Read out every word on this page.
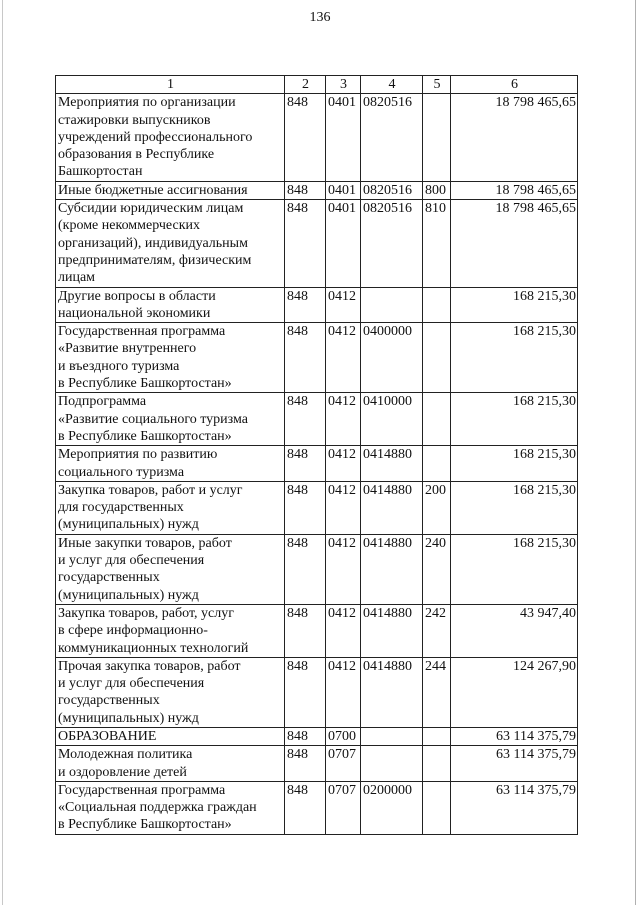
136
1	2	3	4	5	6

Мероприятия по организации
стажировки выпускников
учреждений профессионального
образования в Республике
Башкортостан	848	0401	0820516		18 798 465,65

Иные бюджетные ассигнования	848	0401	0820516	800	18 798 465,65

Субсидии юридическим лицам
(кроме некоммерческих
организаций), индивидуальным
предпринимателям, физическим
лицам	848	0401	0820516	810	18 798 465,65

Другие вопросы в области
национальной экономики	848	0412			168 215,30

Государственная программа
«Развитие внутреннего
и въездного туризма
в Республике Башкортостан»	848	0412	0400000		168 215,30

Подпрограмма
«Развитие социального туризма
в Республике Башкортостан»	848	0412	0410000		168 215,30

Мероприятия по развитию
социального туризма	848	0412	0414880		168 215,30

Закупка товаров, работ и услуг
для государственных
(муниципальных) нужд	848	0412	0414880	200	168 215,30

Иные закупки товаров, работ
и услуг для обеспечения
государственных
(муниципальных) нужд	848	0412	0414880	240	168 215,30

Закупка товаров, работ, услуг
в сфере информационно-
коммуникационных технологий	848	0412	0414880	242	43 947,40

Прочая закупка товаров, работ
и услуг для обеспечения
государственных
(муниципальных) нужд	848	0412	0414880	244	124 267,90

ОБРАЗОВАНИЕ	848	0700			63 114 375,79

Молодежная политика
и оздоровление детей	848	0707			63 114 375,79

Государственная программа
«Социальная поддержка граждан
в Республике Башкортостан»	848	0707	0200000		63 114 375,79
